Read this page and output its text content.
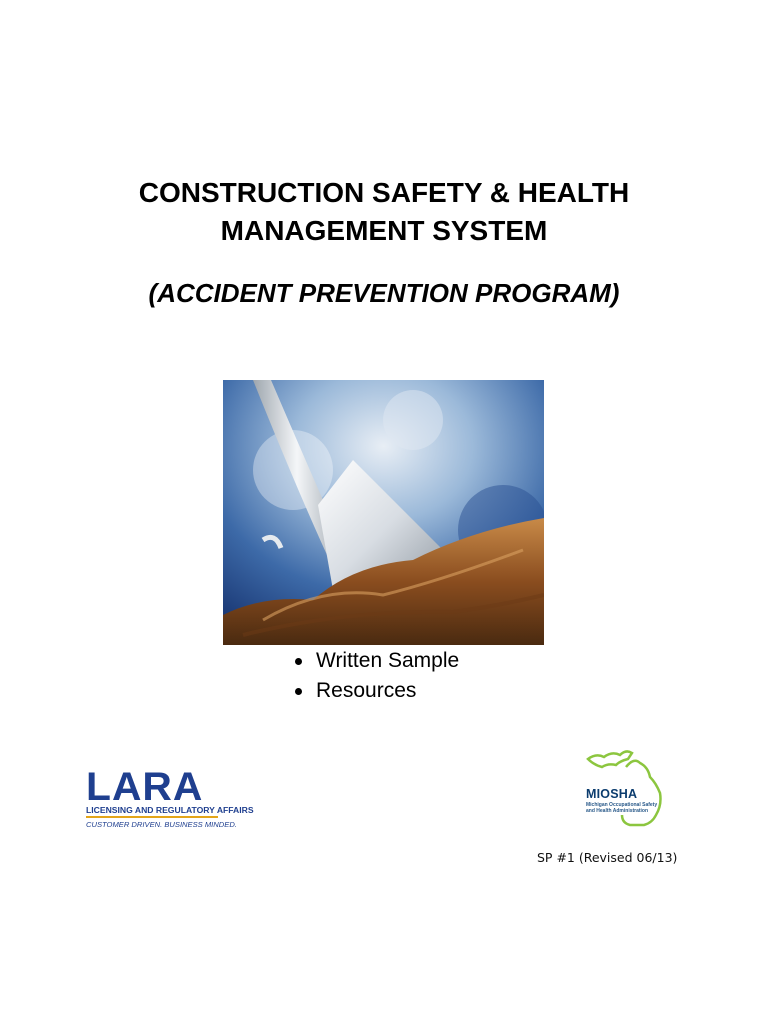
CONSTRUCTION SAFETY & HEALTH
MANAGEMENT SYSTEM
(ACCIDENT PREVENTION PROGRAM)
Written Sample
Resources
LARA
LICENSING AND REGULATORY AFFAIRS
CUSTOMER DRIVEN. BUSINESS MINDED.
MIOSHA
Michigan Occupational Safety and Health Administration
SP #1 (Revised 06/13)
